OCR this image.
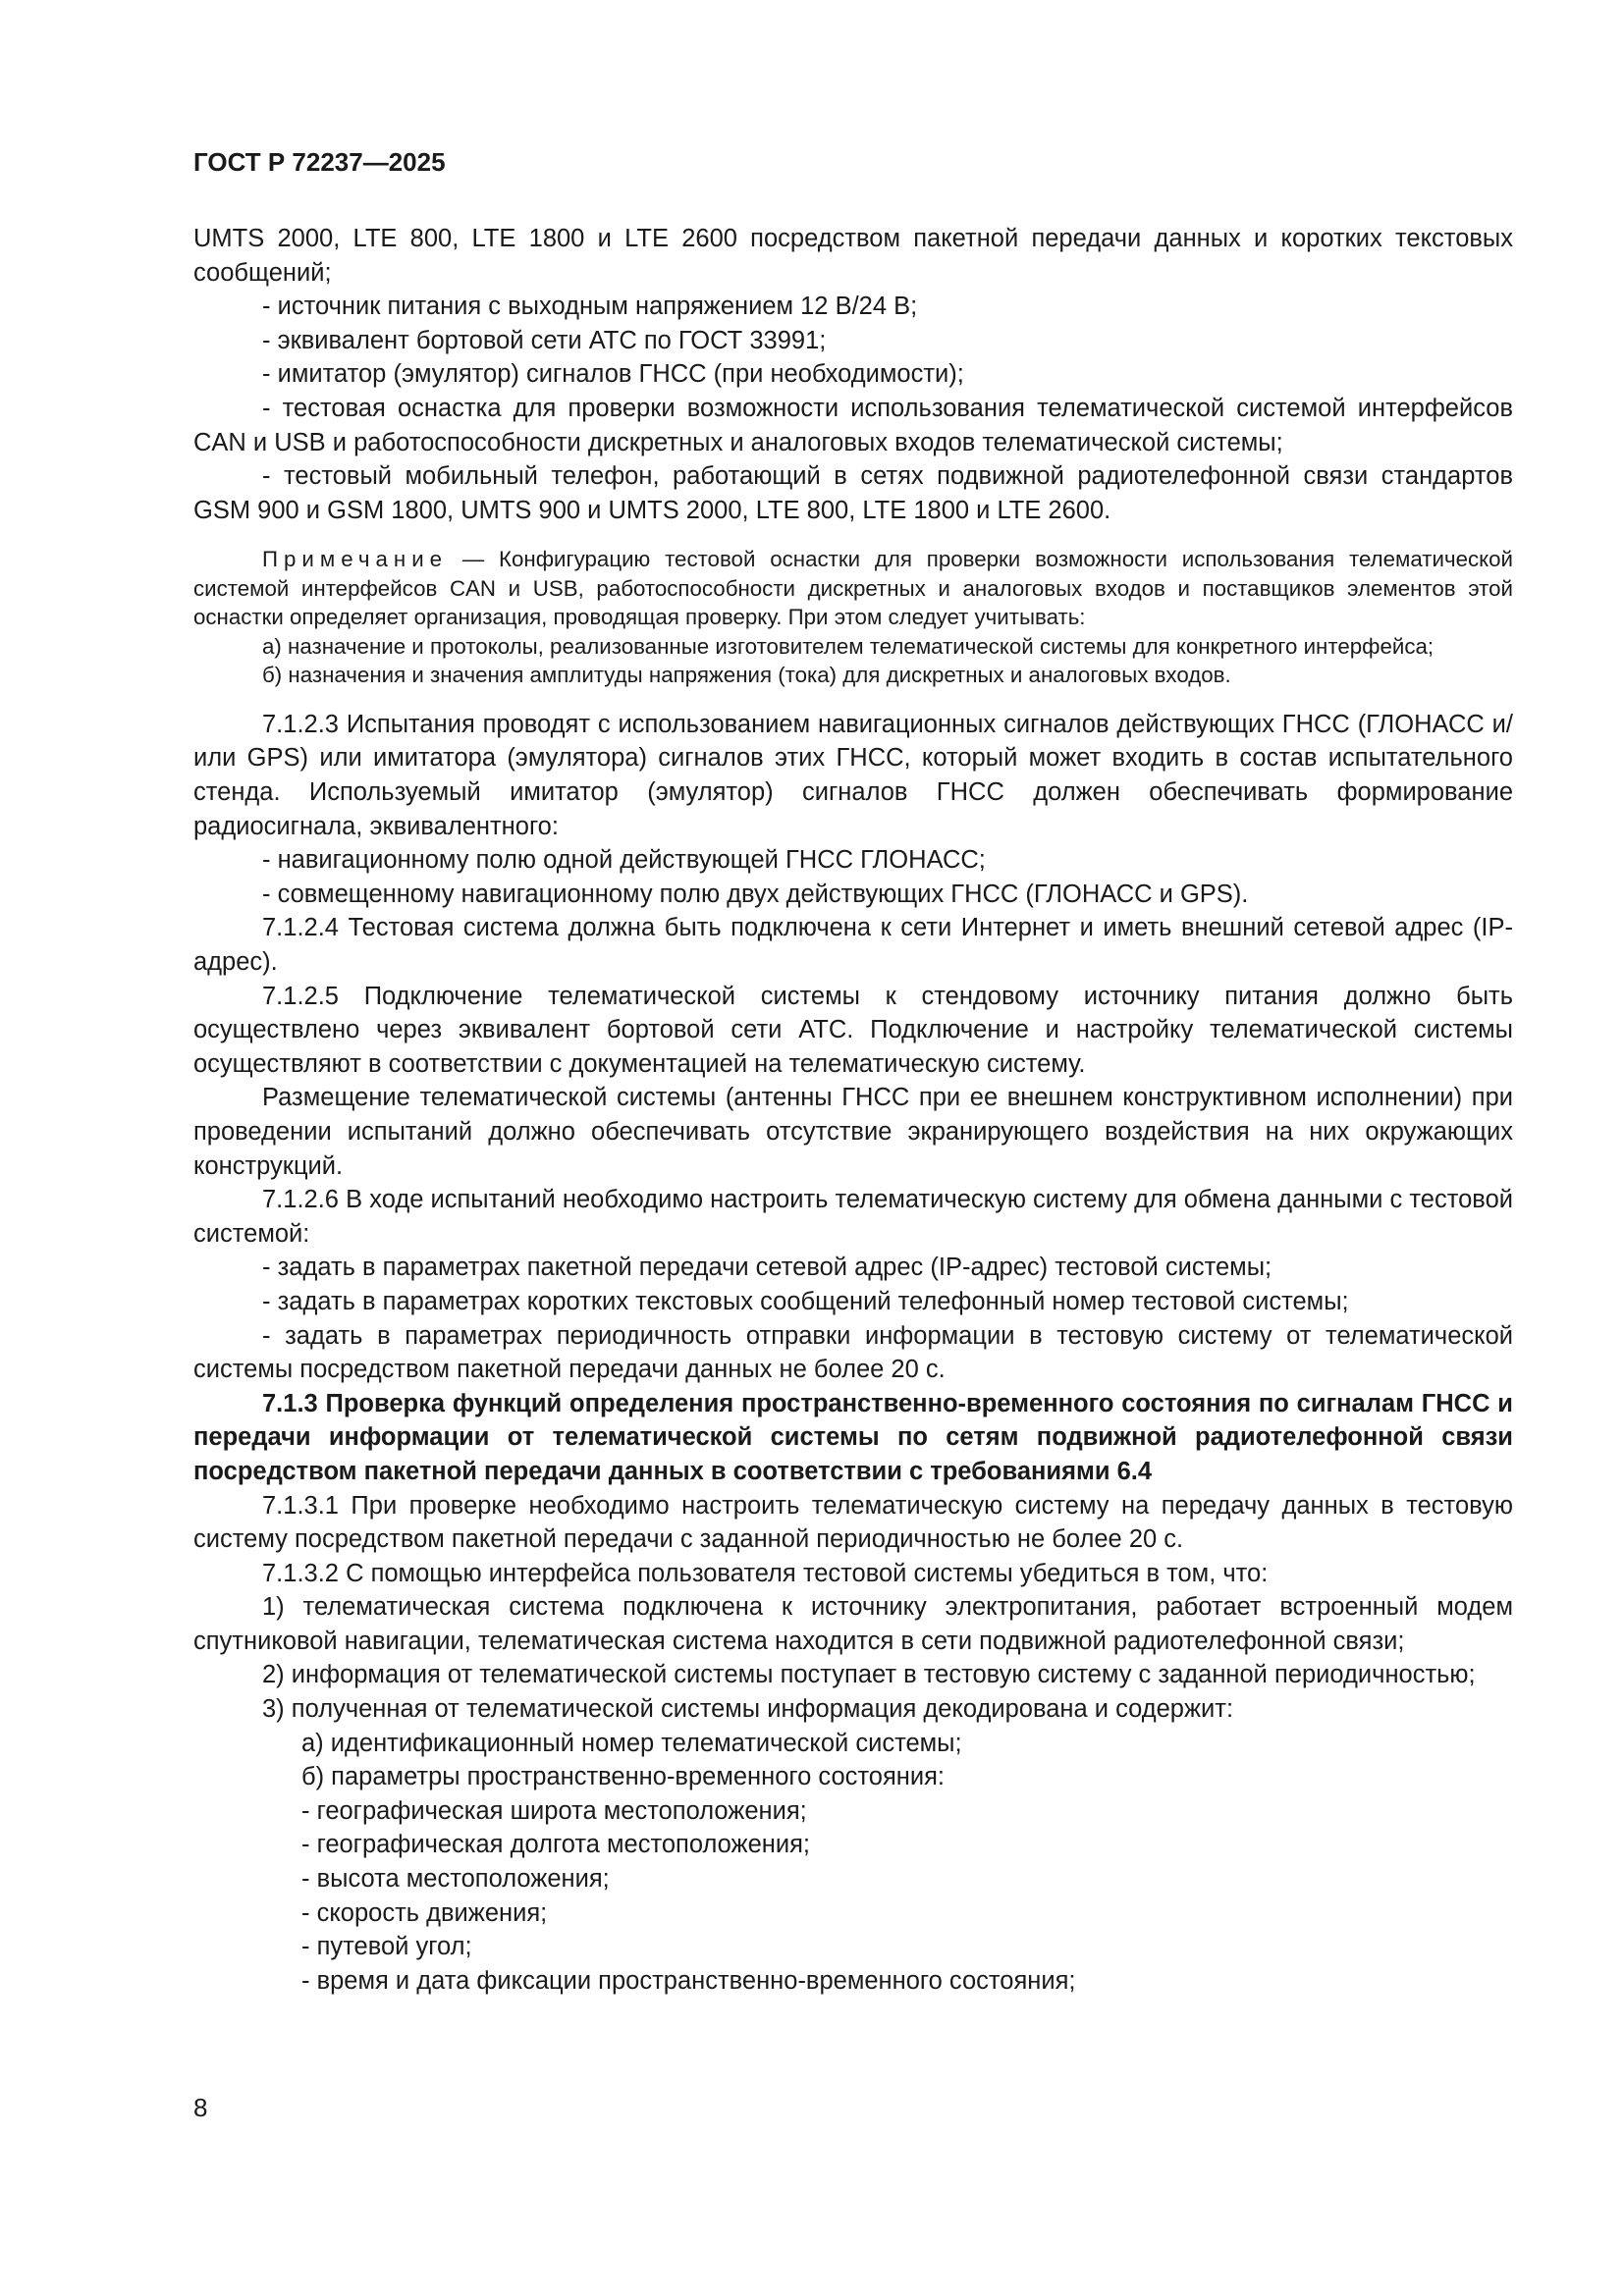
ГОСТ Р 72237—2025

UMTS 2000, LTE 800, LTE 1800 и LTE 2600 посредством пакетной передачи данных и коротких текстовых сообщений;

- источник питания с выходным напряжением 12 В/24 В;

- эквивалент бортовой сети АТС по ГОСТ 33991;

- имитатор (эмулятор) сигналов ГНСС (при необходимости);

- тестовая оснастка для проверки возможности использования телематической системой интерфейсов CAN и USB и работоспособности дискретных и аналоговых входов телематической системы;

- тестовый мобильный телефон, работающий в сетях подвижной радиотелефонной связи стандартов GSM 900 и GSM 1800, UMTS 900 и UMTS 2000, LTE 800, LTE 1800 и LTE 2600.

Примечание — Конфигурацию тестовой оснастки для проверки возможности использования телематической системой интерфейсов CAN и USB, работоспособности дискретных и аналоговых входов и поставщиков элементов этой оснастки определяет организация, проводящая проверку. При этом следует учитывать:

а) назначение и протоколы, реализованные изготовителем телематической системы для конкретного интерфейса;

б) назначения и значения амплитуды напряжения (тока) для дискретных и аналоговых входов.

7.1.2.3 Испытания проводят с использованием навигационных сигналов действующих ГНСС (ГЛОНАСС и/или GPS) или имитатора (эмулятора) сигналов этих ГНСС, который может входить в состав испытательного стенда. Используемый имитатор (эмулятор) сигналов ГНСС должен обеспечивать формирование радиосигнала, эквивалентного:

- навигационному полю одной действующей ГНСС ГЛОНАСС;

- совмещенному навигационному полю двух действующих ГНСС (ГЛОНАСС и GPS).

7.1.2.4 Тестовая система должна быть подключена к сети Интернет и иметь внешний сетевой адрес (IP-адрес).

7.1.2.5 Подключение телематической системы к стендовому источнику питания должно быть осуществлено через эквивалент бортовой сети АТС. Подключение и настройку телематической системы осуществляют в соответствии с документацией на телематическую систему.

Размещение телематической системы (антенны ГНСС при ее внешнем конструктивном исполнении) при проведении испытаний должно обеспечивать отсутствие экранирующего воздействия на них окружающих конструкций.

7.1.2.6 В ходе испытаний необходимо настроить телематическую систему для обмена данными с тестовой системой:

- задать в параметрах пакетной передачи сетевой адрес (IP-адрес) тестовой системы;

- задать в параметрах коротких текстовых сообщений телефонный номер тестовой системы;

- задать в параметрах периодичность отправки информации в тестовую систему от телематической системы посредством пакетной передачи данных не более 20 с.

7.1.3 Проверка функций определения пространственно-временного состояния по сигналам ГНСС и передачи информации от телематической системы по сетям подвижной радиотелефонной связи посредством пакетной передачи данных в соответствии с требованиями 6.4

7.1.3.1 При проверке необходимо настроить телематическую систему на передачу данных в тестовую систему посредством пакетной передачи с заданной периодичностью не более 20 с.

7.1.3.2 С помощью интерфейса пользователя тестовой системы убедиться в том, что:

1) телематическая система подключена к источнику электропитания, работает встроенный модем спутниковой навигации, телематическая система находится в сети подвижной радиотелефонной связи;

2) информация от телематической системы поступает в тестовую систему с заданной периодичностью;

3) полученная от телематической системы информация декодирована и содержит:

а) идентификационный номер телематической системы;

б) параметры пространственно-временного состояния:

- географическая широта местоположения;

- географическая долгота местоположения;

- высота местоположения;

- скорость движения;

- путевой угол;

- время и дата фиксации пространственно-временного состояния;

8
